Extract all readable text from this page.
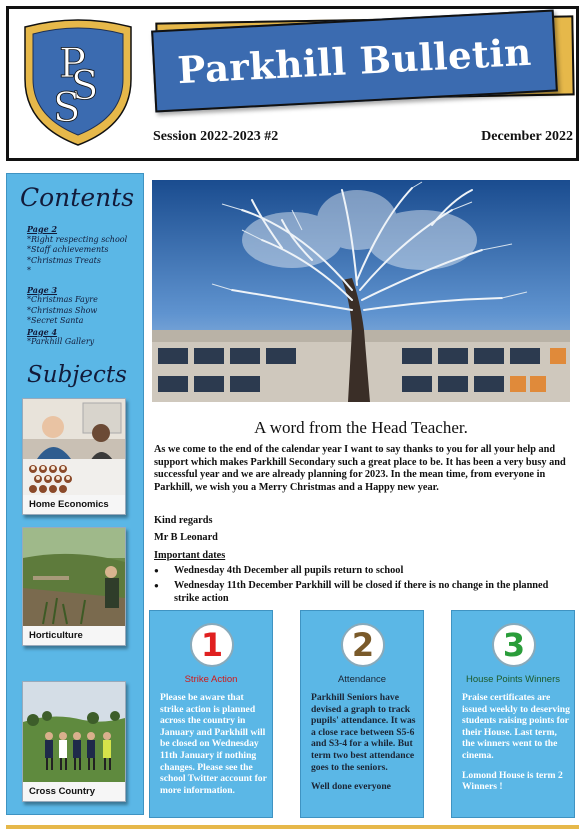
P
S
S
Parkhill Bulletin
Session 2022-2023 #2	December 2022
Contents
Page 2
*Right respecting school
*Staff achievements
*Christmas Treats
*
Page 3
*Christmas Fayre
*Christmas Show
*Secret Santa
Page 4
*Parkhill Gallery
Subjects
Home Economics
Horticulture
Cross Country
A word from the Head Teacher.
As we come to the end of the calendar year I want to say thanks to you for all your help and support which makes Parkhill Secondary such a great place to be. It has been a very busy and successful year and we are already planning for 2023. In the mean time, from everyone in Parkhill, we wish you a Merry Christmas and a Happy new year.
Kind regards
Mr B Leonard
Important dates
● Wednesday 4th December all pupils return to school
● Wednesday 11th December Parkhill will be closed if there is no change in the planned strike action
1
Strike Action
Please be aware that strike action is planned across the country in January and Parkhill will be closed on Wednesday 11th January if nothing changes. Please see the school Twitter account for more information.
2
Attendance
Parkhill Seniors have devised a graph to track pupils' attendance. It was a close race between S5-6 and S3-4 for a while. But term two best attendance goes to the seniors.
Well done everyone
3
House Points Winners
Praise certificates are issued weekly to deserving students raising points for their House. Last term, the winners went to the cinema.
Lomond House is term 2 Winners !
